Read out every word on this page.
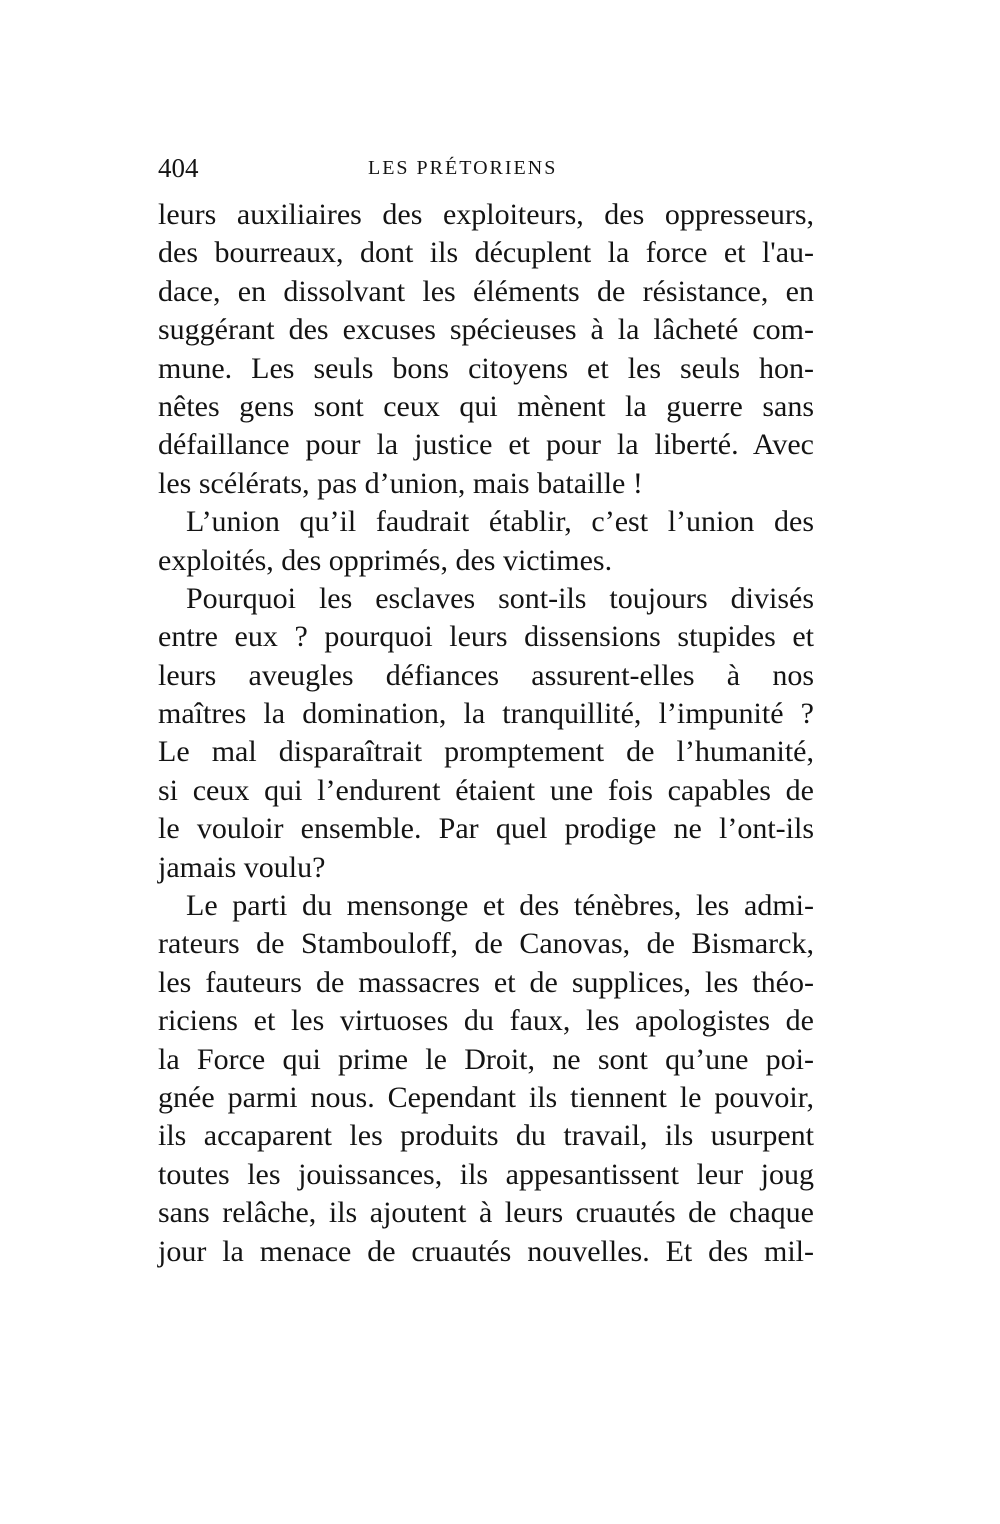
404	LES PRÉTORIENS
leurs auxiliaires des exploiteurs, des oppresseurs,
des bourreaux, dont ils décuplent la force et l'au-
dace, en dissolvant les éléments de résistance, en
suggérant des excuses spécieuses à la lâcheté com-
mune. Les seuls bons citoyens et les seuls hon-
nêtes gens sont ceux qui mènent la guerre sans
défaillance pour la justice et pour la liberté. Avec
les scélérats, pas d’union, mais bataille !
L’union qu’il faudrait établir, c’est l’union des
exploités, des opprimés, des victimes.
Pourquoi les esclaves sont-ils toujours divisés
entre eux ? pourquoi leurs dissensions stupides et
leurs aveugles défiances assurent-elles à nos
maîtres la domination, la tranquillité, l’impunité ?
Le mal disparaîtrait promptement de l’humanité,
si ceux qui l’endurent étaient une fois capables de
le vouloir ensemble. Par quel prodige ne l’ont-ils
jamais voulu?
Le parti du mensonge et des ténèbres, les admi-
rateurs de Stambouloff, de Canovas, de Bismarck,
les fauteurs de massacres et de supplices, les théo-
riciens et les virtuoses du faux, les apologistes de
la Force qui prime le Droit, ne sont qu’une poi-
gnée parmi nous. Cependant ils tiennent le pouvoir,
ils accaparent les produits du travail, ils usurpent
toutes les jouissances, ils appesantissent leur joug
sans relâche, ils ajoutent à leurs cruautés de chaque
jour la menace de cruautés nouvelles. Et des mil-
